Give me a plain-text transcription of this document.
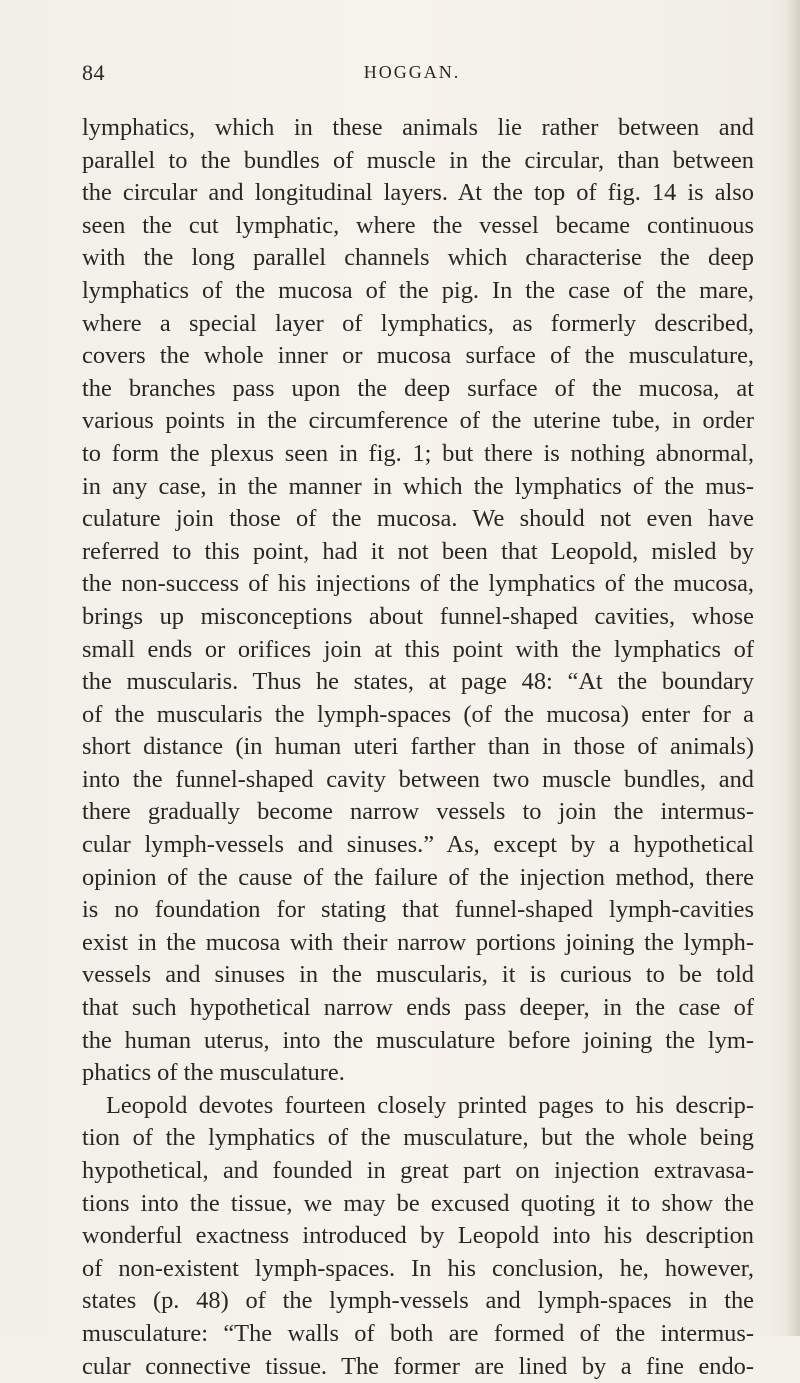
84	HOGGAN.
lymphatics, which in these animals lie rather between and
parallel to the bundles of muscle in the circular, than between
the circular and longitudinal layers. At the top of fig. 14 is also
seen the cut lymphatic, where the vessel became continuous
with the long parallel channels which characterise the deep
lymphatics of the mucosa of the pig. In the case of the mare,
where a special layer of lymphatics, as formerly described,
covers the whole inner or mucosa surface of the musculature,
the branches pass upon the deep surface of the mucosa, at
various points in the circumference of the uterine tube, in order
to form the plexus seen in fig. 1; but there is nothing abnormal,
in any case, in the manner in which the lymphatics of the mus-
culature join those of the mucosa. We should not even have
referred to this point, had it not been that Leopold, misled by
the non-success of his injections of the lymphatics of the mucosa,
brings up misconceptions about funnel-shaped cavities, whose
small ends or orifices join at this point with the lymphatics of
the muscularis. Thus he states, at page 48: “At the boundary
of the muscularis the lymph-spaces (of the mucosa) enter for a
short distance (in human uteri farther than in those of animals)
into the funnel-shaped cavity between two muscle bundles, and
there gradually become narrow vessels to join the intermus-
cular lymph-vessels and sinuses.” As, except by a hypothetical
opinion of the cause of the failure of the injection method, there
is no foundation for stating that funnel-shaped lymph-cavities
exist in the mucosa with their narrow portions joining the lymph-
vessels and sinuses in the muscularis, it is curious to be told
that such hypothetical narrow ends pass deeper, in the case of
the human uterus, into the musculature before joining the lym-
phatics of the musculature.
Leopold devotes fourteen closely printed pages to his descrip-
tion of the lymphatics of the musculature, but the whole being
hypothetical, and founded in great part on injection extravasa-
tions into the tissue, we may be excused quoting it to show the
wonderful exactness introduced by Leopold into his description
of non-existent lymph-spaces. In his conclusion, he, however,
states (p. 48) of the lymph-vessels and lymph-spaces in the
musculature: “The walls of both are formed of the intermus-
cular connective tissue. The former are lined by a fine endo-
